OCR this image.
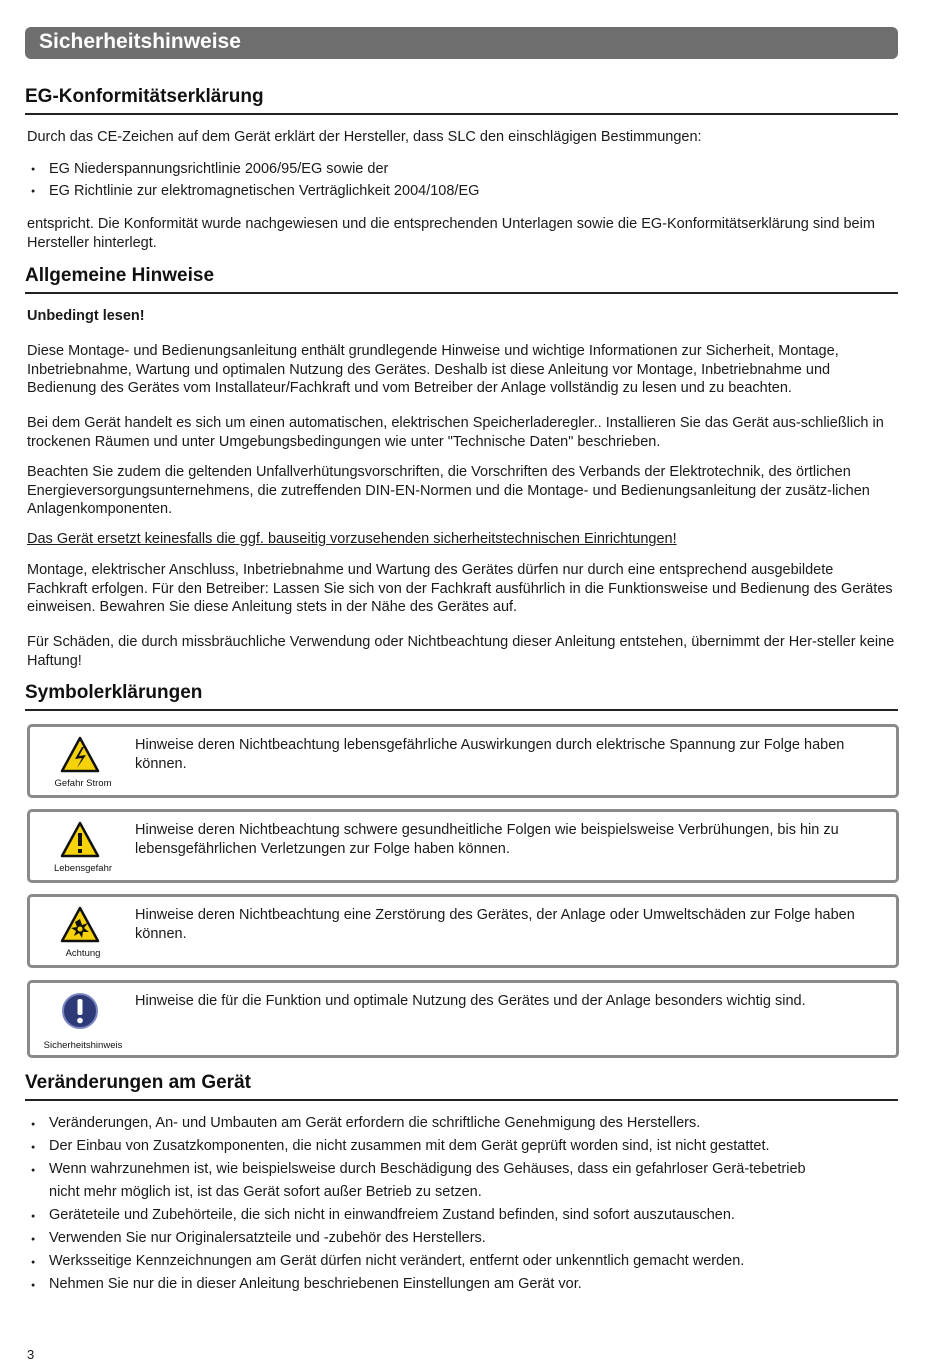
Sicherheitshinweise
EG-Konformitätserklärung
Durch das CE-Zeichen auf dem Gerät erklärt der Hersteller, dass SLC den einschlägigen Bestimmungen:
● EG Niederspannungsrichtlinie 2006/95/EG sowie der
● EG Richtlinie zur elektromagnetischen Verträglichkeit 2004/108/EG
entspricht. Die Konformität wurde nachgewiesen und die entsprechenden Unterlagen sowie die EG-Konformitätserklärung sind beim Hersteller hinterlegt.
Allgemeine Hinweise
Unbedingt lesen!
Diese Montage- und Bedienungsanleitung enthält grundlegende Hinweise und wichtige Informationen zur Sicherheit, Montage, Inbetriebnahme, Wartung und optimalen Nutzung des Gerätes. Deshalb ist diese Anleitung vor Montage, Inbetriebnahme und Bedienung des Gerätes vom Installateur/Fachkraft und vom Betreiber der Anlage vollständig zu lesen und zu beachten.
Bei dem Gerät handelt es sich um einen automatischen, elektrischen Speicherladeregler.. Installieren Sie das Gerät aus-schließlich in trockenen Räumen und unter Umgebungsbedingungen wie unter "Technische Daten" beschrieben.
Beachten Sie zudem die geltenden Unfallverhütungsvorschriften, die Vorschriften des Verbands der Elektrotechnik, des örtlichen Energieversorgungsunternehmens, die zutreffenden DIN-EN-Normen und die Montage- und Bedienungsanleitung der zusätz-lichen Anlagenkomponenten.
Das Gerät ersetzt keinesfalls die ggf. bauseitig vorzusehenden sicherheitstechnischen Einrichtungen!
Montage, elektrischer Anschluss, Inbetriebnahme und Wartung des Gerätes dürfen nur durch eine entsprechend ausgebildete Fachkraft erfolgen. Für den Betreiber: Lassen Sie sich von der Fachkraft ausführlich in die Funktionsweise und Bedienung des Gerätes einweisen. Bewahren Sie diese Anleitung stets in der Nähe des Gerätes auf.
Für Schäden, die durch missbräuchliche Verwendung oder Nichtbeachtung dieser Anleitung entstehen, übernimmt der Her-steller keine Haftung!
Symbolerklärungen
Gefahr Strom
Hinweise deren Nichtbeachtung lebensgefährliche Auswirkungen durch elektrische Spannung zur Folge haben können.
Lebensgefahr
Hinweise deren Nichtbeachtung schwere gesundheitliche Folgen wie beispielsweise Verbrühungen, bis hin zu lebensgefährlichen Verletzungen zur Folge haben können.
Achtung
Hinweise deren Nichtbeachtung eine Zerstörung des Gerätes, der Anlage oder Umweltschäden zur Folge haben können.
Sicherheitshinweis
Hinweise die für die Funktion und optimale Nutzung des Gerätes und der Anlage besonders wichtig sind.
Veränderungen am Gerät
● Veränderungen, An- und Umbauten am Gerät erfordern die schriftliche Genehmigung des Herstellers.
● Der Einbau von Zusatzkomponenten, die nicht zusammen mit dem Gerät geprüft worden sind, ist nicht gestattet.
● Wenn wahrzunehmen ist, wie beispielsweise durch Beschädigung des Gehäuses, dass ein gefahrloser Gerä-tebetrieb nicht mehr möglich ist, ist das Gerät sofort außer Betrieb zu setzen.
● Geräteteile und Zubehörteile, die sich nicht in einwandfreiem Zustand befinden, sind sofort auszutauschen.
● Verwenden Sie nur Originalersatzteile und -zubehör des Herstellers.
● Werksseitige Kennzeichnungen am Gerät dürfen nicht verändert, entfernt oder unkenntlich gemacht werden.
● Nehmen Sie nur die in dieser Anleitung beschriebenen Einstellungen am Gerät vor.
3
